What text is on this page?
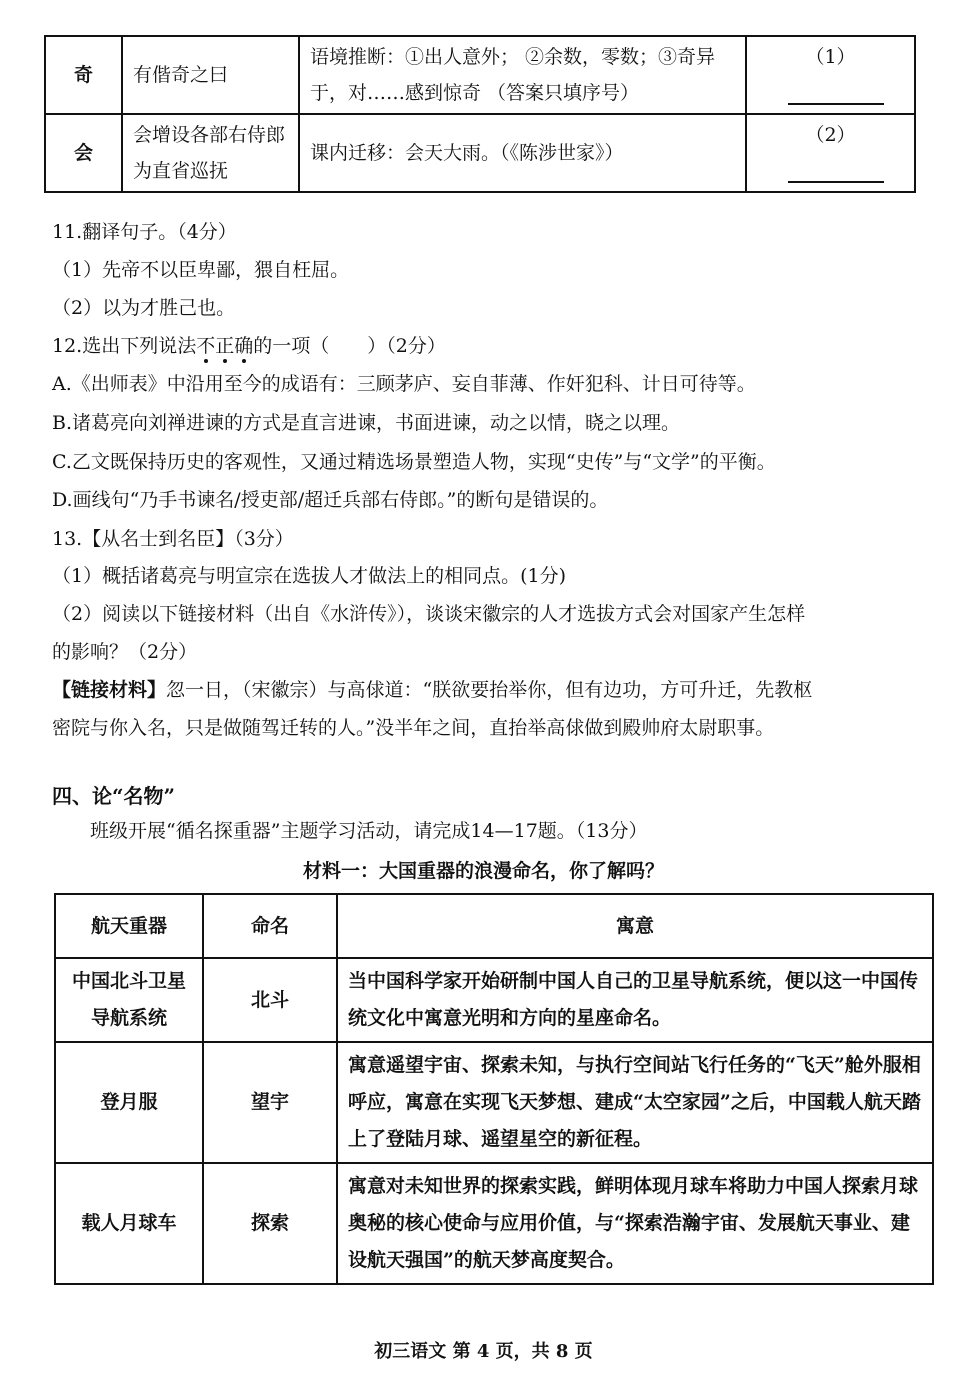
奇	有偕奇之曰	语境推断：①出人意外； ②余数，零数；③奇异于，对……感到惊奇 （答案只填序号）	（1）
会	会增设各部右侍郎为直省巡抚	课内迁移：会天大雨。（《陈涉世家》）	（2）
11.翻译句子。（4分）
（1）先帝不以臣卑鄙，猥自枉屈。
（2）以为才胜己也。
12.选出下列说法不正确的一项（　　）（2分）
A.《出师表》中沿用至今的成语有：三顾茅庐、妄自菲薄、作奸犯科、计日可待等。
B.诸葛亮向刘禅进谏的方式是直言进谏，书面进谏，动之以情，晓之以理。
C.乙文既保持历史的客观性，又通过精选场景塑造人物，实现“史传”与“文学”的平衡。
D.画线句“乃手书谏名/授吏部/超迁兵部右侍郎。”的断句是错误的。
13.【从名士到名臣】（3分）
（1）概括诸葛亮与明宣宗在选拔人才做法上的相同点。(1分)
（2）阅读以下链接材料（出自《水浒传》），谈谈宋徽宗的人才选拔方式会对国家产生怎样
的影响？（2分）
【链接材料】忽一日，（宋徽宗）与高俅道：“朕欲要抬举你，但有边功，方可升迁，先教枢
密院与你入名，只是做随驾迁转的人。”没半年之间，直抬举高俅做到殿帅府太尉职事。
四、论“名物”
班级开展“循名探重器”主题学习活动，请完成14—17题。（13分）
材料一：大国重器的浪漫命名，你了解吗？
航天重器	命名	寓意
中国北斗卫星导航系统	北斗	当中国科学家开始研制中国人自己的卫星导航系统，便以这一中国传统文化中寓意光明和方向的星座命名。
登月服	望宇	寓意遥望宇宙、探索未知，与执行空间站飞行任务的“飞天”舱外服相呼应，寓意在实现飞天梦想、建成“太空家园”之后，中国载人航天踏上了登陆月球、遥望星空的新征程。
载人月球车	探索	寓意对未知世界的探索实践，鲜明体现月球车将助力中国人探索月球奥秘的核心使命与应用价值，与“探索浩瀚宇宙、发展航天事业、建设航天强国”的航天梦高度契合。
初三语文 第 4 页，共 8 页
